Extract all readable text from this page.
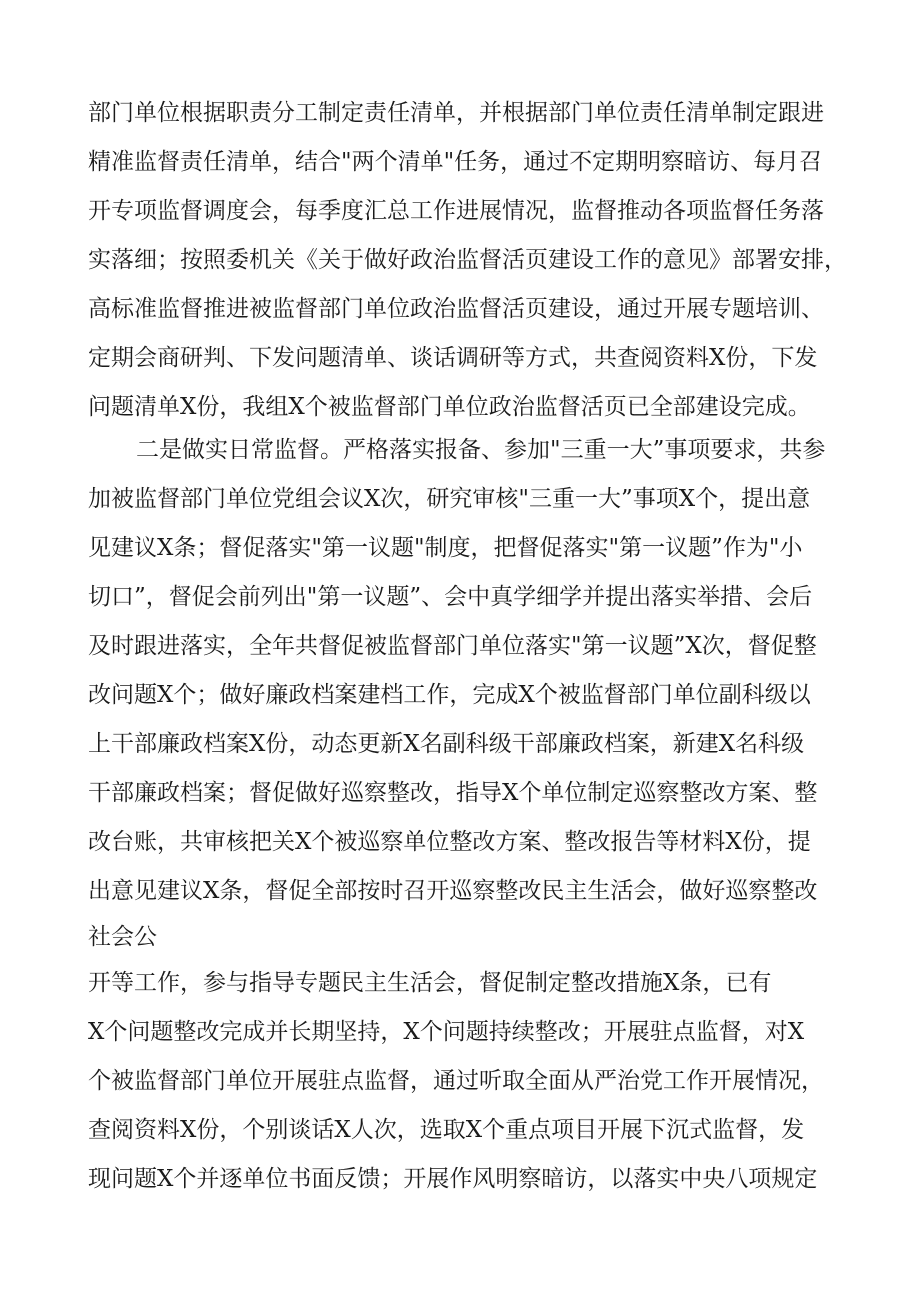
部门单位根据职责分工制定责任清单，并根据部门单位责任清单制定跟进
精准监督责任清单，结合"两个清单"任务，通过不定期明察暗访、每月召
开专项监督调度会，每季度汇总工作进展情况，监督推动各项监督任务落
实落细；按照委机关《关于做好政治监督活页建设工作的意见》部署安排，
高标准监督推进被监督部门单位政治监督活页建设，通过开展专题培训、
定期会商研判、下发问题清单、谈话调研等方式，共查阅资料X份，下发
问题清单X份，我组X个被监督部门单位政治监督活页已全部建设完成。
二是做实日常监督。严格落实报备、参加"三重一大”事项要求，共参
加被监督部门单位党组会议X次，研究审核"三重一大”事项X个，提出意
见建议X条；督促落实"第一议题"制度，把督促落实"第一议题”作为"小
切口”，督促会前列出"第一议题”、会中真学细学并提出落实举措、会后
及时跟进落实，全年共督促被监督部门单位落实"第一议题”X次，督促整
改问题X个；做好廉政档案建档工作，完成X个被监督部门单位副科级以
上干部廉政档案X份，动态更新X名副科级干部廉政档案，新建X名科级
干部廉政档案；督促做好巡察整改，指导X个单位制定巡察整改方案、整
改台账，共审核把关X个被巡察单位整改方案、整改报告等材料X份，提
出意见建议X条，督促全部按时召开巡察整改民主生活会，做好巡察整改
社会公
开等工作，参与指导专题民主生活会，督促制定整改措施X条，已有
X个问题整改完成并长期坚持，X个问题持续整改；开展驻点监督，对X
个被监督部门单位开展驻点监督，通过听取全面从严治党工作开展情况，
查阅资料X份，个别谈话X人次，选取X个重点项目开展下沉式监督，发
现问题X个并逐单位书面反馈；开展作风明察暗访，以落实中央八项规定
